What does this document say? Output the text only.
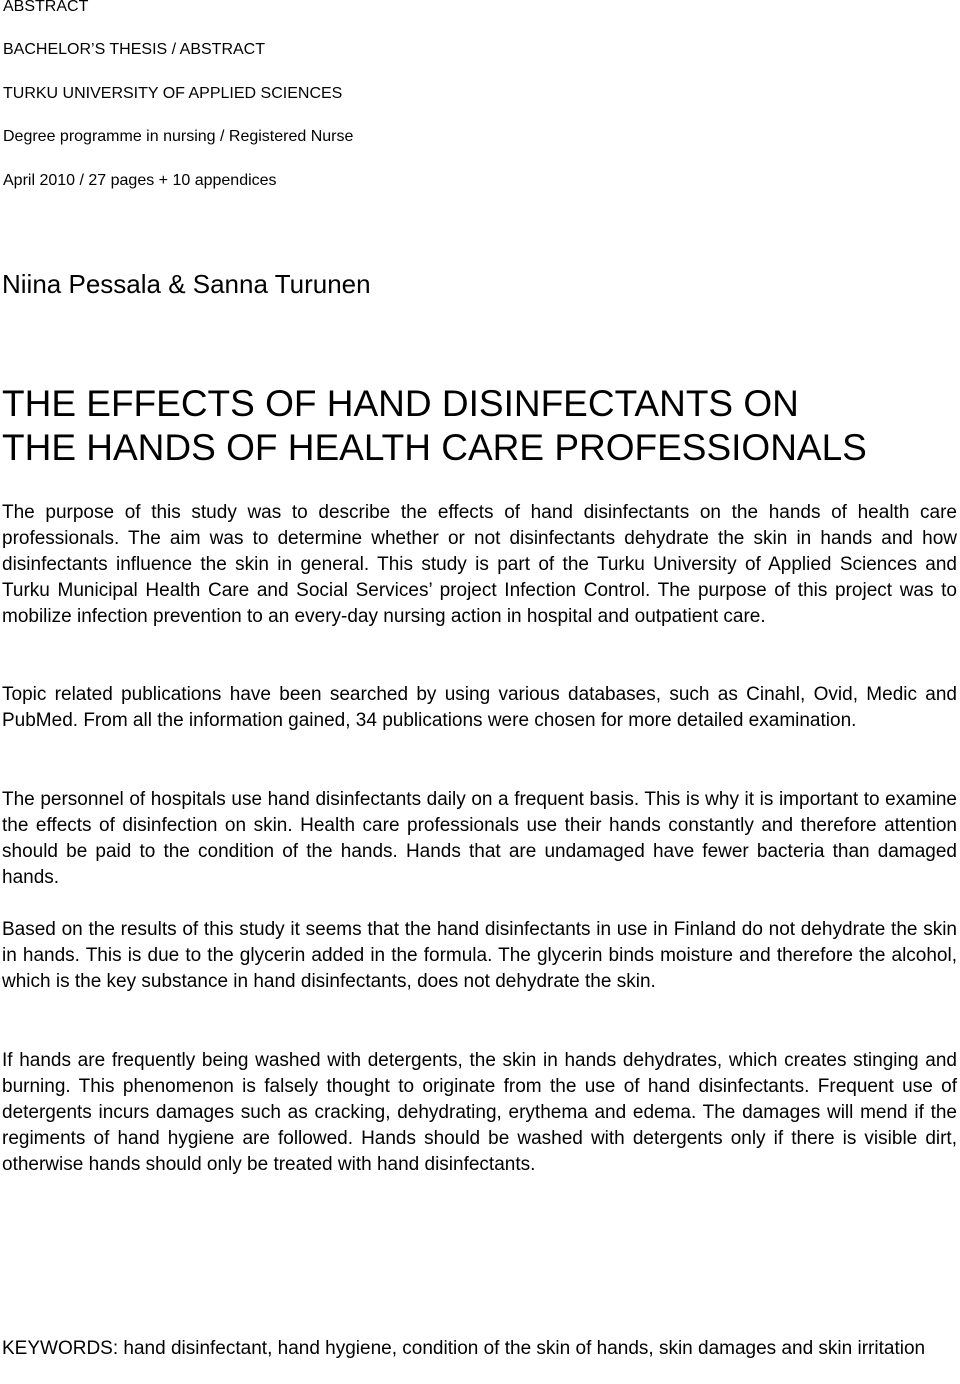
ABSTRACT
BACHELOR’S THESIS / ABSTRACT
TURKU UNIVERSITY OF APPLIED SCIENCES
Degree programme in nursing / Registered Nurse
April 2010 / 27 pages + 10 appendices
Niina Pessala & Sanna Turunen
THE EFFECTS OF HAND DISINFECTANTS ON
THE HANDS OF HEALTH CARE PROFESSIONALS

The purpose of this study was to describe the effects of hand disinfectants on the hands of health care professionals. The aim was to determine whether or not disinfectants dehydrate the skin in hands and how disinfectants influence the skin in general. This study is part of the Turku University of Applied Sciences and Turku Municipal Health Care and Social Services’ project Infection Control. The purpose of this project was to mobilize infection prevention to an every-day nursing action in hospital and outpatient care.

Topic related publications have been searched by using various databases, such as Cinahl, Ovid, Medic and PubMed. From all the information gained, 34 publications were chosen for more detailed examination.

The personnel of hospitals use hand disinfectants daily on a frequent basis. This is why it is important to examine the effects of disinfection on skin. Health care professionals use their hands constantly and therefore attention should be paid to the condition of the hands. Hands that are undamaged have fewer bacteria than damaged hands.

Based on the results of this study it seems that the hand disinfectants in use in Finland do not dehydrate the skin in hands. This is due to the glycerin added in the formula. The glycerin binds moisture and therefore the alcohol, which is the key substance in hand disinfectants, does not dehydrate the skin.

If hands are frequently being washed with detergents, the skin in hands dehydrates, which creates stinging and burning. This phenomenon is falsely thought to originate from the use of hand disinfectants. Frequent use of detergents incurs damages such as cracking, dehydrating, erythema and edema. The damages will mend if the regiments of hand hygiene are followed. Hands should be washed with detergents only if there is visible dirt, otherwise hands should only be treated with hand disinfectants.

KEYWORDS: hand disinfectant, hand hygiene, condition of the skin of hands, skin damages and skin irritation
